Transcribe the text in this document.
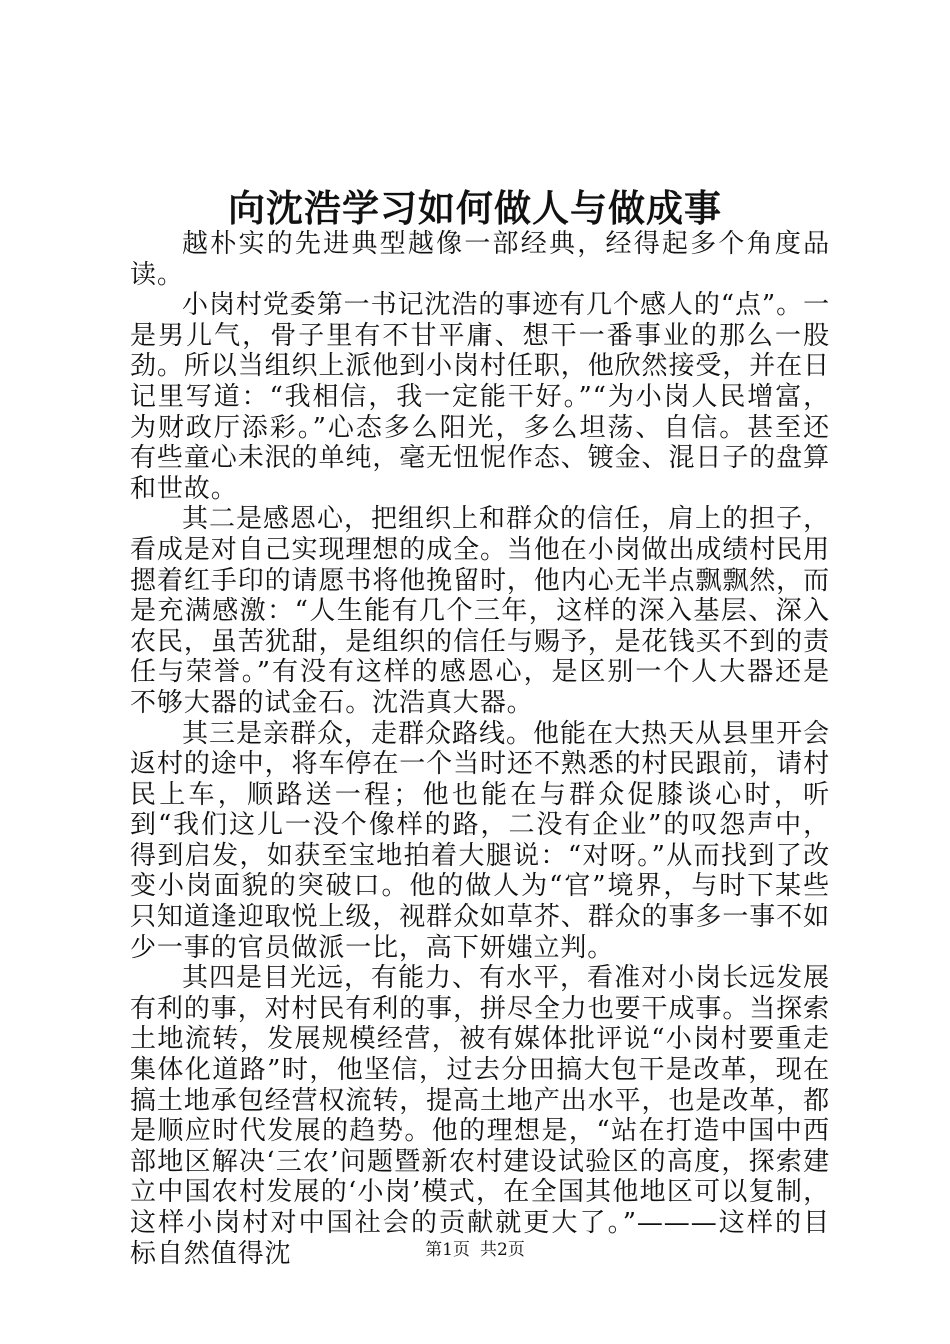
向沈浩学习如何做人与做成事

越朴实的先进典型越像一部经典，经得起多个角度品读。

小岗村党委第一书记沈浩的事迹有几个感人的“点”。一是男儿气，骨子里有不甘平庸、想干一番事业的那么一股劲。所以当组织上派他到小岗村任职，他欣然接受，并在日记里写道：“我相信，我一定能干好。”“为小岗人民增富，为财政厅添彩。”心态多么阳光，多么坦荡、自信。甚至还有些童心未泯的单纯，毫无忸怩作态、镀金、混日子的盘算和世故。

其二是感恩心，把组织上和群众的信任，肩上的担子，看成是对自己实现理想的成全。当他在小岗做出成绩村民用摁着红手印的请愿书将他挽留时，他内心无半点飘飘然，而是充满感激：“人生能有几个三年，这样的深入基层、深入农民，虽苦犹甜，是组织的信任与赐予，是花钱买不到的责任与荣誉。”有没有这样的感恩心，是区别一个人大器还是不够大器的试金石。沈浩真大器。

其三是亲群众，走群众路线。他能在大热天从县里开会返村的途中，将车停在一个当时还不熟悉的村民跟前，请村民上车，顺路送一程；他也能在与群众促膝谈心时，听到“我们这儿一没个像样的路，二没有企业”的叹怨声中，得到启发，如获至宝地拍着大腿说：“对呀。”从而找到了改变小岗面貌的突破口。他的做人为“官”境界，与时下某些只知道逢迎取悦上级，视群众如草芥、群众的事多一事不如少一事的官员做派一比，高下妍媸立判。

其四是目光远，有能力、有水平，看准对小岗长远发展有利的事，对村民有利的事，拼尽全力也要干成事。当探索土地流转，发展规模经营，被有媒体批评说“小岗村要重走集体化道路”时，他坚信，过去分田搞大包干是改革，现在搞土地承包经营权流转，提高土地产出水平，也是改革，都是顺应时代发展的趋势。他的理想是，“站在打造中国中西部地区解决‘三农’问题暨新农村建设试验区的高度，探索建立中国农村发展的‘小岗’模式，在全国其他地区可以复制，这样小岗村对中国社会的贡献就更大了。”———这样的目标自然值得沈	第1页 共2页
